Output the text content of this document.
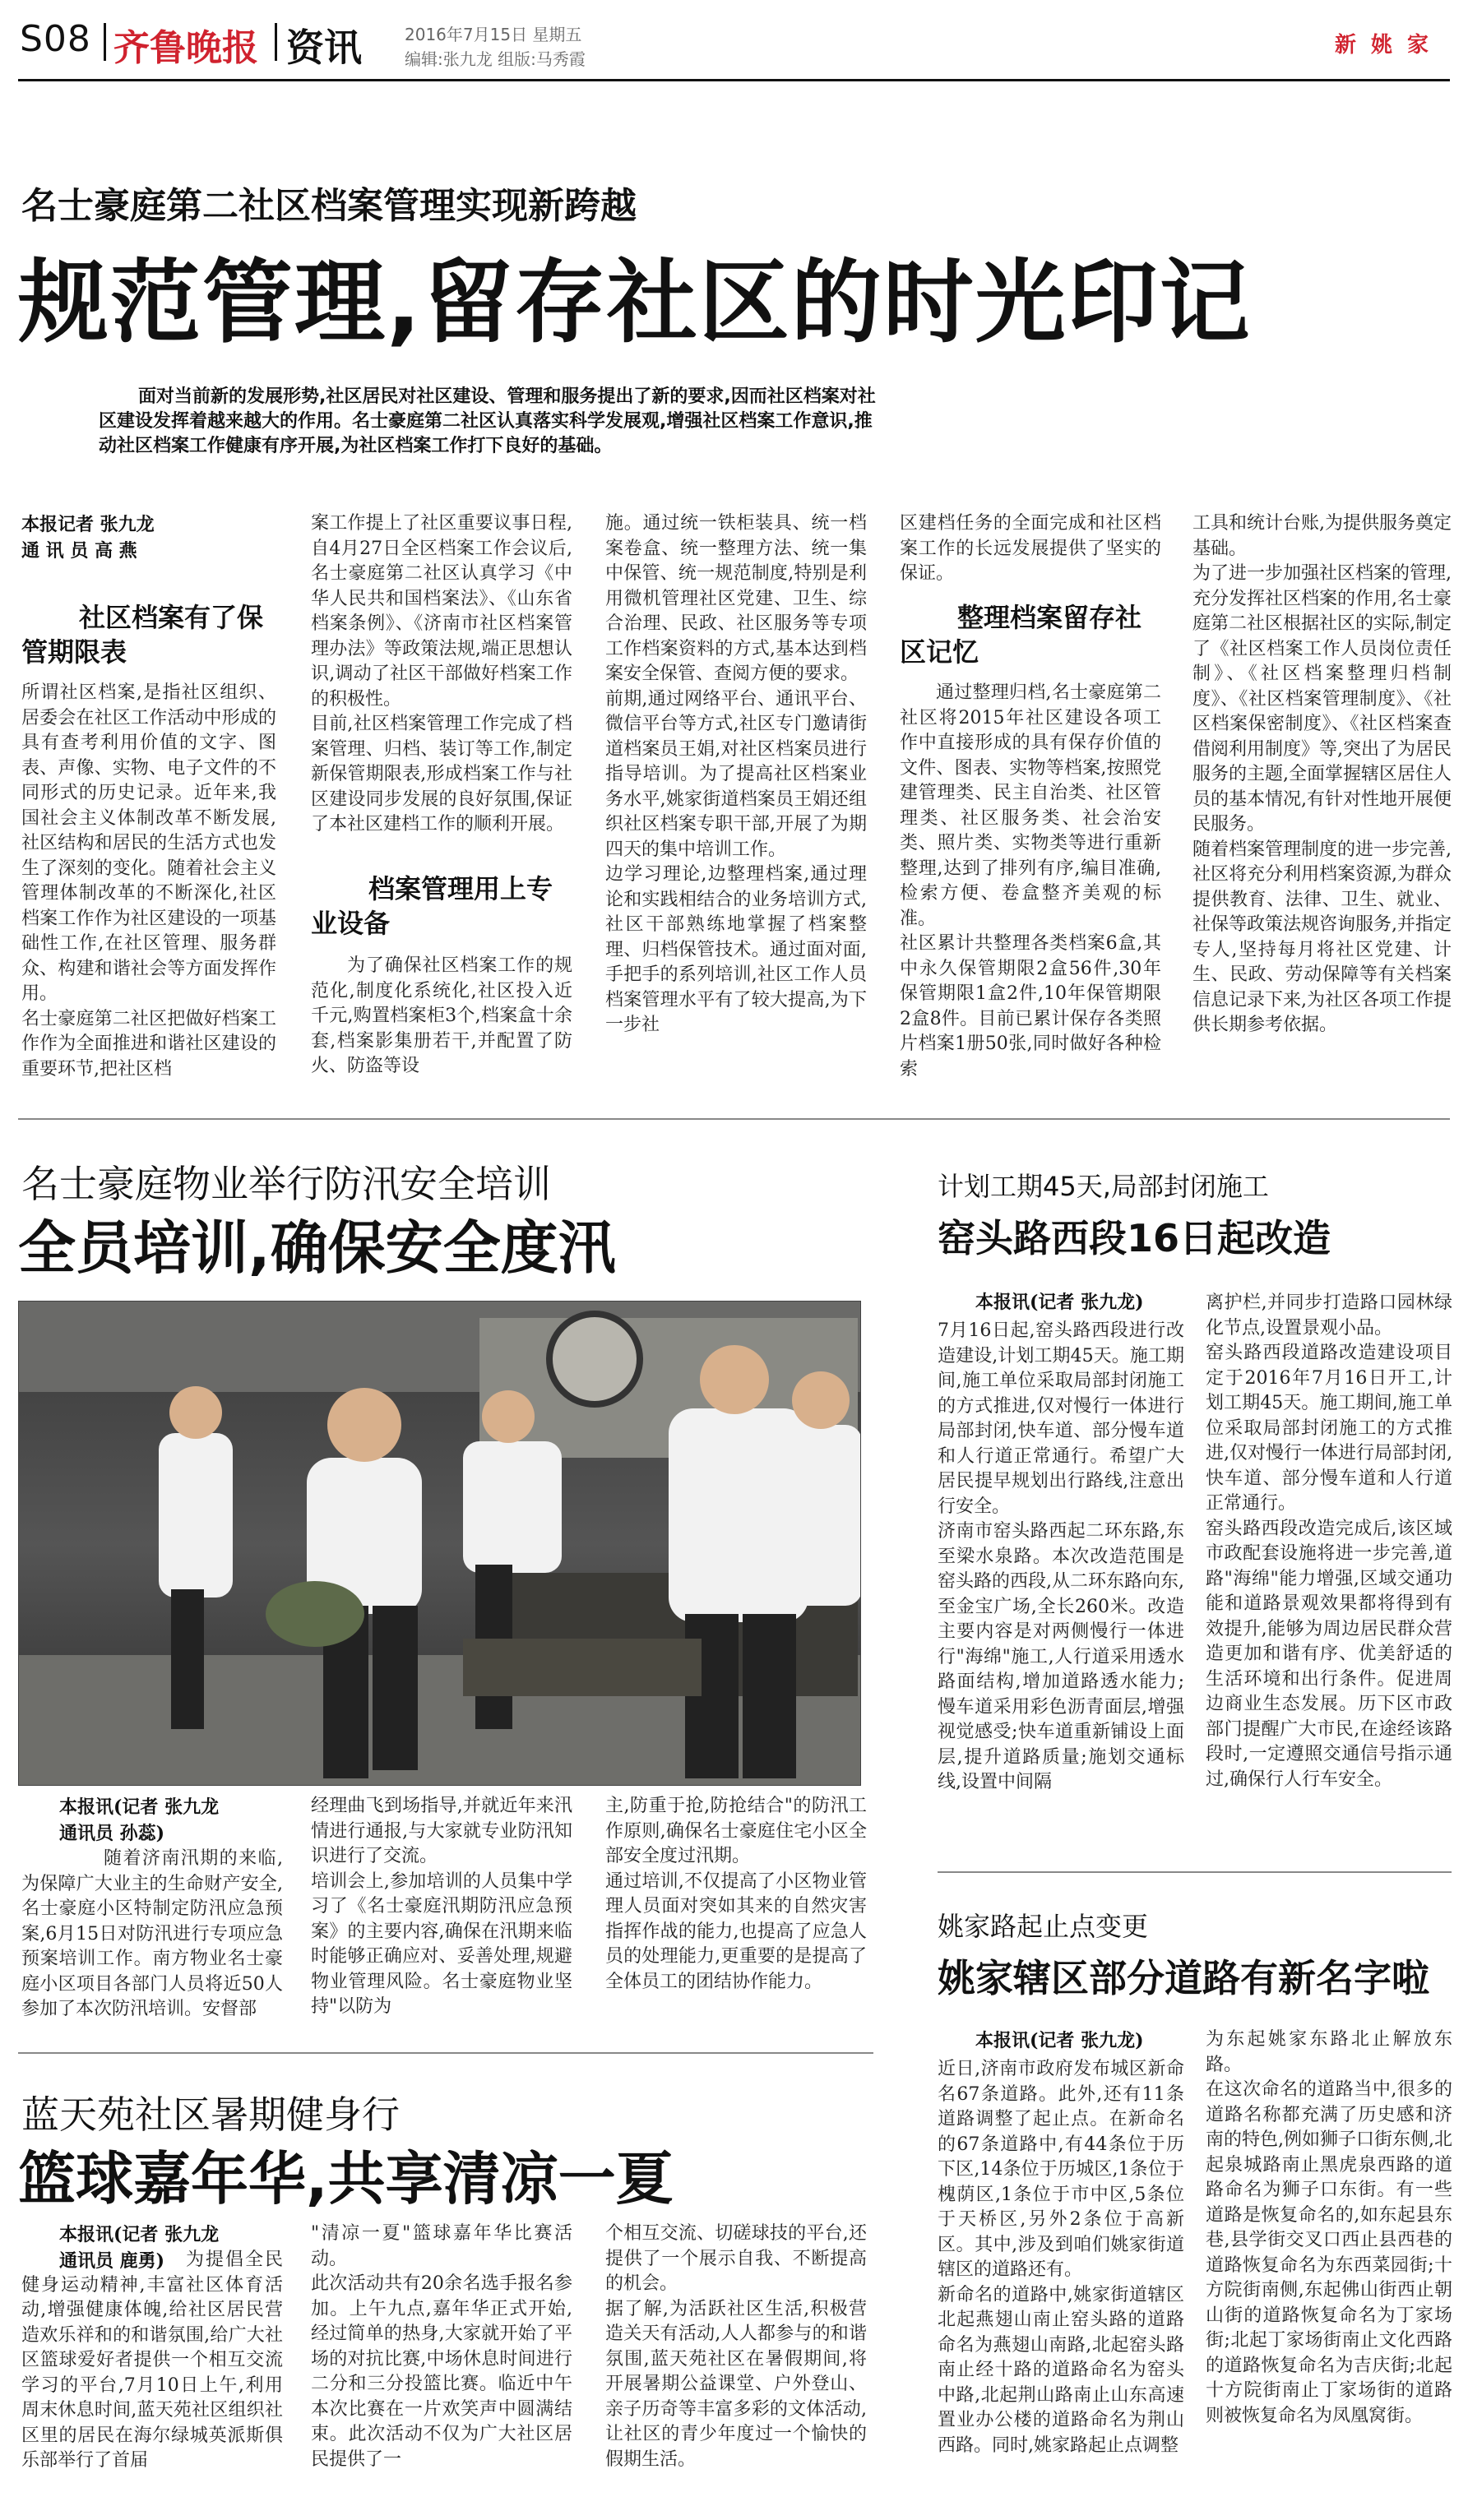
S08 齐鲁晚报 资讯	2016年7月15日 星期五
编辑:张九龙 组版:马秀霞
新姚家
名士豪庭第二社区档案管理实现新跨越
规范管理,留存社区的时光印记
面对当前新的发展形势,社区居民对社区建设、管理和服务提出了新的要求,因而社区档案对社区建设发挥着越来越大的作用。名士豪庭第二社区认真落实科学发展观,增强社区档案工作意识,推动社区档案工作健康有序开展,为社区档案工作打下良好的基础。
本报记者 张九龙
通 讯 员 高 燕
社区档案有了保管期限表
所谓社区档案,是指社区组织、居委会在社区工作活动中形成的具有查考利用价值的文字、图表、声像、实物、电子文件的不同形式的历史记录。近年来,我国社会主义体制改革不断发展,社区结构和居民的生活方式也发生了深刻的变化。随着社会主义管理体制改革的不断深化,社区档案工作作为社区建设的一项基础性工作,在社区管理、服务群众、构建和谐社会等方面发挥作用。
名士豪庭第二社区把做好档案工作作为全面推进和谐社区建设的重要环节,把社区档
案工作提上了社区重要议事日程,自4月27日全区档案工作会议后,名士豪庭第二社区认真学习《中华人民共和国档案法》、《山东省档案条例》、《济南市社区档案管理办法》等政策法规,端正思想认识,调动了社区干部做好档案工作的积极性。
目前,社区档案管理工作完成了档案管理、归档、装订等工作,制定新保管期限表,形成档案工作与社区建设同步发展的良好氛围,保证了本社区建档工作的顺利开展。
档案管理用上专业设备
为了确保社区档案工作的规范化,制度化系统化,社区投入近千元,购置档案柜3个,档案盒十余套,档案影集册若干,并配置了防火、防盗等设
施。通过统一铁柜装具、统一档案卷盒、统一整理方法、统一集中保管、统一规范制度,特别是利用微机管理社区党建、卫生、综合治理、民政、社区服务等专项工作档案资料的方式,基本达到档案安全保管、查阅方便的要求。
前期,通过网络平台、通讯平台、微信平台等方式,社区专门邀请街道档案员王娟,对社区档案员进行指导培训。为了提高社区档案业务水平,姚家街道档案员王娟还组织社区档案专职干部,开展了为期四天的集中培训工作。
边学习理论,边整理档案,通过理论和实践相结合的业务培训方式,社区干部熟练地掌握了档案整理、归档保管技术。通过面对面,手把手的系列培训,社区工作人员档案管理水平有了较大提高,为下一步社
区建档任务的全面完成和社区档案工作的长远发展提供了坚实的保证。
整理档案留存社区记忆
通过整理归档,名士豪庭第二社区将2015年社区建设各项工作中直接形成的具有保存价值的文件、图表、实物等档案,按照党建管理类、民主自治类、社区管理类、社区服务类、社会治安类、照片类、实物类等进行重新整理,达到了排列有序,编目准确,检索方便、卷盒整齐美观的标准。
社区累计共整理各类档案6盒,其中永久保管期限2盒56件,30年保管期限1盒2件,10年保管期限2盒8件。目前已累计保存各类照片档案1册50张,同时做好各种检索
工具和统计台账,为提供服务奠定基础。
为了进一步加强社区档案的管理,充分发挥社区档案的作用,名士豪庭第二社区根据社区的实际,制定了《社区档案工作人员岗位责任制》、《社区档案整理归档制度》、《社区档案管理制度》、《社区档案保密制度》、《社区档案查借阅利用制度》等,突出了为居民服务的主题,全面掌握辖区居住人员的基本情况,有针对性地开展便民服务。
随着档案管理制度的进一步完善,社区将充分利用档案资源,为群众提供教育、法律、卫生、就业、社保等政策法规咨询服务,并指定专人,坚持每月将社区党建、计生、民政、劳动保障等有关档案信息记录下来,为社区各项工作提供长期参考依据。
名士豪庭物业举行防汛安全培训
全员培训,确保安全度汛
本报讯(记者 张九龙
通讯员 孙蕊)
随着济南汛期的来临,为保障广大业主的生命财产安全,名士豪庭小区特制定防汛应急预案,6月15日对防汛进行专项应急预案培训工作。南方物业名士豪庭小区项目各部门人员将近50人参加了本次防汛培训。安督部
经理曲飞到场指导,并就近年来汛情进行通报,与大家就专业防汛知识进行了交流。
培训会上,参加培训的人员集中学习了《名士豪庭汛期防汛应急预案》的主要内容,确保在汛期来临时能够正确应对、妥善处理,规避物业管理风险。名士豪庭物业坚持"以防为
主,防重于抢,防抢结合"的防汛工作原则,确保名士豪庭住宅小区全部安全度过汛期。
通过培训,不仅提高了小区物业管理人员面对突如其来的自然灾害指挥作战的能力,也提高了应急人员的处理能力,更重要的是提高了全体员工的团结协作能力。
计划工期45天,局部封闭施工
窑头路西段16日起改造
本报讯(记者 张九龙)
7月16日起,窑头路西段进行改造建设,计划工期45天。施工期间,施工单位采取局部封闭施工的方式推进,仅对慢行一体进行局部封闭,快车道、部分慢车道和人行道正常通行。希望广大居民提早规划出行路线,注意出行安全。
济南市窑头路西起二环东路,东至梁水泉路。本次改造范围是窑头路的西段,从二环东路向东,至金宝广场,全长260米。改造主要内容是对两侧慢行一体进行"海绵"施工,人行道采用透水路面结构,增加道路透水能力;慢车道采用彩色沥青面层,增强视觉感受;快车道重新铺设上面层,提升道路质量;施划交通标线,设置中间隔
离护栏,并同步打造路口园林绿化节点,设置景观小品。
窑头路西段道路改造建设项目定于2016年7月16日开工,计划工期45天。施工期间,施工单位采取局部封闭施工的方式推进,仅对慢行一体进行局部封闭,快车道、部分慢车道和人行道正常通行。
窑头路西段改造完成后,该区域市政配套设施将进一步完善,道路"海绵"能力增强,区域交通功能和道路景观效果都将得到有效提升,能够为周边居民群众营造更加和谐有序、优美舒适的生活环境和出行条件。促进周边商业生态发展。历下区市政部门提醒广大市民,在途经该路段时,一定遵照交通信号指示通过,确保行人行车安全。
蓝天苑社区暑期健身行
篮球嘉年华,共享清凉一夏
本报讯(记者 张九龙
通讯员 鹿勇)	为提倡全民健身运动精神,丰富社区体育活动,增强健康体魄,给社区居民营造欢乐祥和的和谐氛围,给广大社区篮球爱好者提供一个相互交流学习的平台,7月10日上午,利用周末休息时间,蓝天苑社区组织社区里的居民在海尔绿城英派斯俱乐部举行了首届
"清凉一夏"篮球嘉年华比赛活动。
此次活动共有20余名选手报名参加。上午九点,嘉年华正式开始,经过简单的热身,大家就开始了平场的对抗比赛,中场休息时间进行二分和三分投篮比赛。临近中午本次比赛在一片欢笑声中圆满结束。此次活动不仅为广大社区居民提供了一
个相互交流、切磋球技的平台,还提供了一个展示自我、不断提高的机会。
据了解,为活跃社区生活,积极营造关天有活动,人人都参与的和谐氛围,蓝天苑社区在暑假期间,将开展暑期公益课堂、户外登山、亲子历奇等丰富多彩的文体活动,让社区的青少年度过一个愉快的假期生活。
姚家路起止点变更
姚家辖区部分道路有新名字啦
本报讯(记者 张九龙)
近日,济南市政府发布城区新命名67条道路。此外,还有11条道路调整了起止点。在新命名的67条道路中,有44条位于历下区,14条位于历城区,1条位于槐荫区,1条位于市中区,5条位于天桥区,另外2条位于高新区。其中,涉及到咱们姚家街道辖区的道路还有。
新命名的道路中,姚家街道辖区北起燕翅山南止窑头路的道路命名为燕翅山南路,北起窑头路南止经十路的道路命名为窑头中路,北起荆山路南止山东高速置业办公楼的道路命名为荆山西路。同时,姚家路起止点调整
为东起姚家东路北止解放东路。
在这次命名的道路当中,很多的道路名称都充满了历史感和济南的特色,例如狮子口街东侧,北起泉城路南止黑虎泉西路的道路命名为狮子口东街。有一些道路是恢复命名的,如东起县东巷,县学街交叉口西止县西巷的道路恢复命名为东西菜园街;十方院街南侧,东起佛山街西止朝山街的道路恢复命名为丁家场街;北起丁家场街南止文化西路的道路恢复命名为吉庆街;北起十方院街南止丁家场街的道路则被恢复命名为凤凰窝街。
